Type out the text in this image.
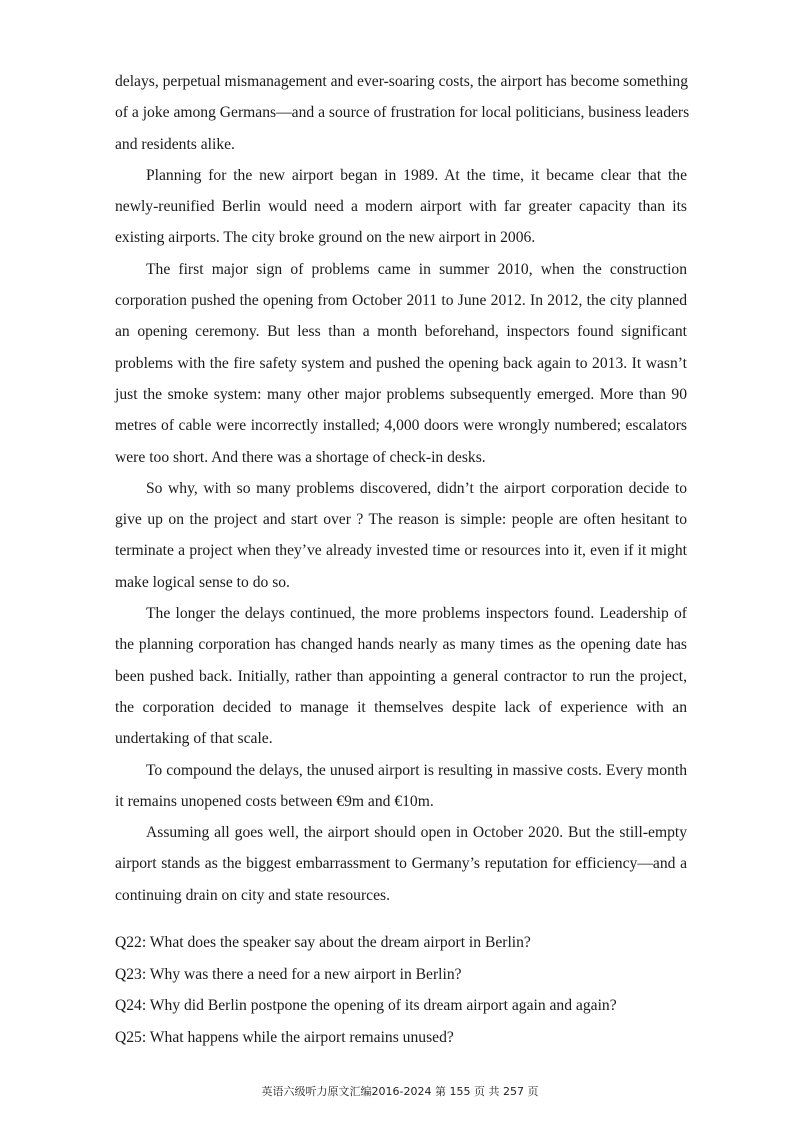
delays, perpetual mismanagement and ever-soaring costs, the airport has become something
of a joke among Germans—and a source of frustration for local politicians, business leaders
and residents alike.
Planning for the new airport began in 1989. At the time, it became clear that the
newly-reunified Berlin would need a modern airport with far greater capacity than its
existing airports. The city broke ground on the new airport in 2006.
The first major sign of problems came in summer 2010, when the construction
corporation pushed the opening from October 2011 to June 2012. In 2012, the city planned
an opening ceremony. But less than a month beforehand, inspectors found significant
problems with the fire safety system and pushed the opening back again to 2013. It wasn’t
just the smoke system: many other major problems subsequently emerged. More than 90
metres of cable were incorrectly installed; 4,000 doors were wrongly numbered; escalators
were too short. And there was a shortage of check-in desks.
So why, with so many problems discovered, didn’t the airport corporation decide to
give up on the project and start over ? The reason is simple: people are often hesitant to
terminate a project when they’ve already invested time or resources into it, even if it might
make logical sense to do so.
The longer the delays continued, the more problems inspectors found. Leadership of
the planning corporation has changed hands nearly as many times as the opening date has
been pushed back. Initially, rather than appointing a general contractor to run the project,
the corporation decided to manage it themselves despite lack of experience with an
undertaking of that scale.
To compound the delays, the unused airport is resulting in massive costs. Every month
it remains unopened costs between €9m and €10m.
Assuming all goes well, the airport should open in October 2020. But the still-empty
airport stands as the biggest embarrassment to Germany’s reputation for efficiency—and a
continuing drain on city and state resources.
Q22: What does the speaker say about the dream airport in Berlin?
Q23: Why was there a need for a new airport in Berlin?
Q24: Why did Berlin postpone the opening of its dream airport again and again?
Q25: What happens while the airport remains unused?
英语六级听力原文汇编2016-2024 第 155 页 共 257 页
